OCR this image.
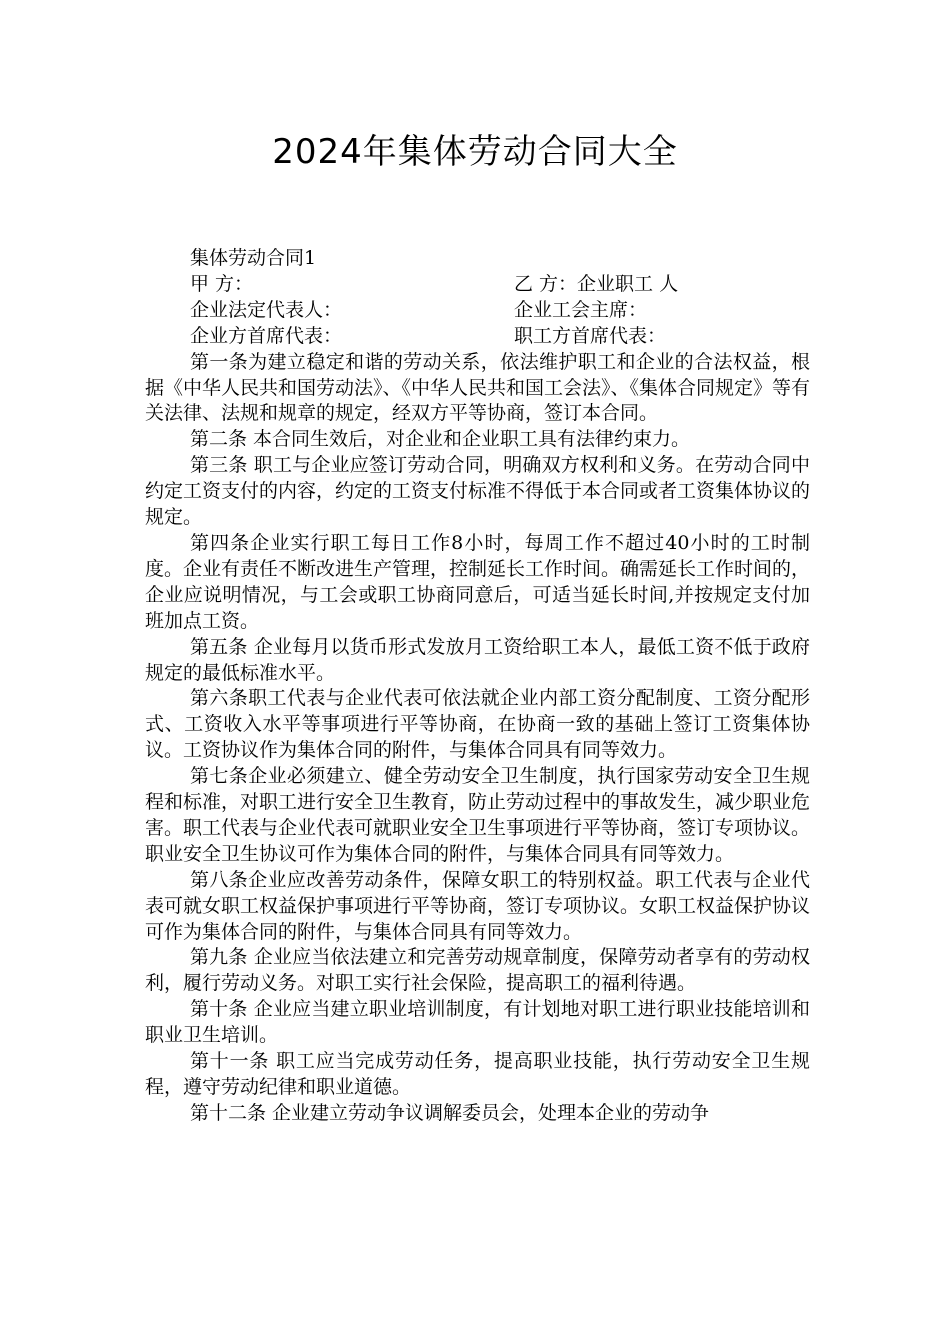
2024年集体劳动合同大全

集体劳动合同1

甲 方：	乙 方：企业职工 人
企业法定代表人：	企业工会主席：
企业方首席代表：	职工方首席代表：

第一条为建立稳定和谐的劳动关系，依法维护职工和企业的合法权益，根据《中华人民共和国劳动法》、《中华人民共和国工会法》、《集体合同规定》等有关法律、法规和规章的规定，经双方平等协商，签订本合同。

第二条 本合同生效后，对企业和企业职工具有法律约束力。

第三条 职工与企业应签订劳动合同，明确双方权利和义务。在劳动合同中约定工资支付的内容，约定的工资支付标准不得低于本合同或者工资集体协议的规定。

第四条企业实行职工每日工作8小时，每周工作不超过40小时的工时制度。企业有责任不断改进生产管理，控制延长工作时间。确需延长工作时间的，企业应说明情况，与工会或职工协商同意后，可适当延长时间,并按规定支付加班加点工资。

第五条 企业每月以货币形式发放月工资给职工本人，最低工资不低于政府规定的最低标准水平。

第六条职工代表与企业代表可依法就企业内部工资分配制度、工资分配形式、工资收入水平等事项进行平等协商，在协商一致的基础上签订工资集体协议。工资协议作为集体合同的附件，与集体合同具有同等效力。

第七条企业必须建立、健全劳动安全卫生制度，执行国家劳动安全卫生规程和标准，对职工进行安全卫生教育，防止劳动过程中的事故发生，减少职业危害。职工代表与企业代表可就职业安全卫生事项进行平等协商，签订专项协议。职业安全卫生协议可作为集体合同的附件，与集体合同具有同等效力。

第八条企业应改善劳动条件，保障女职工的特别权益。职工代表与企业代表可就女职工权益保护事项进行平等协商，签订专项协议。女职工权益保护协议可作为集体合同的附件，与集体合同具有同等效力。

第九条 企业应当依法建立和完善劳动规章制度，保障劳动者享有的劳动权利，履行劳动义务。对职工实行社会保险，提高职工的福利待遇。

第十条 企业应当建立职业培训制度，有计划地对职工进行职业技能培训和职业卫生培训。

第十一条 职工应当完成劳动任务，提高职业技能，执行劳动安全卫生规程，遵守劳动纪律和职业道德。

第十二条 企业建立劳动争议调解委员会，处理本企业的劳动争
